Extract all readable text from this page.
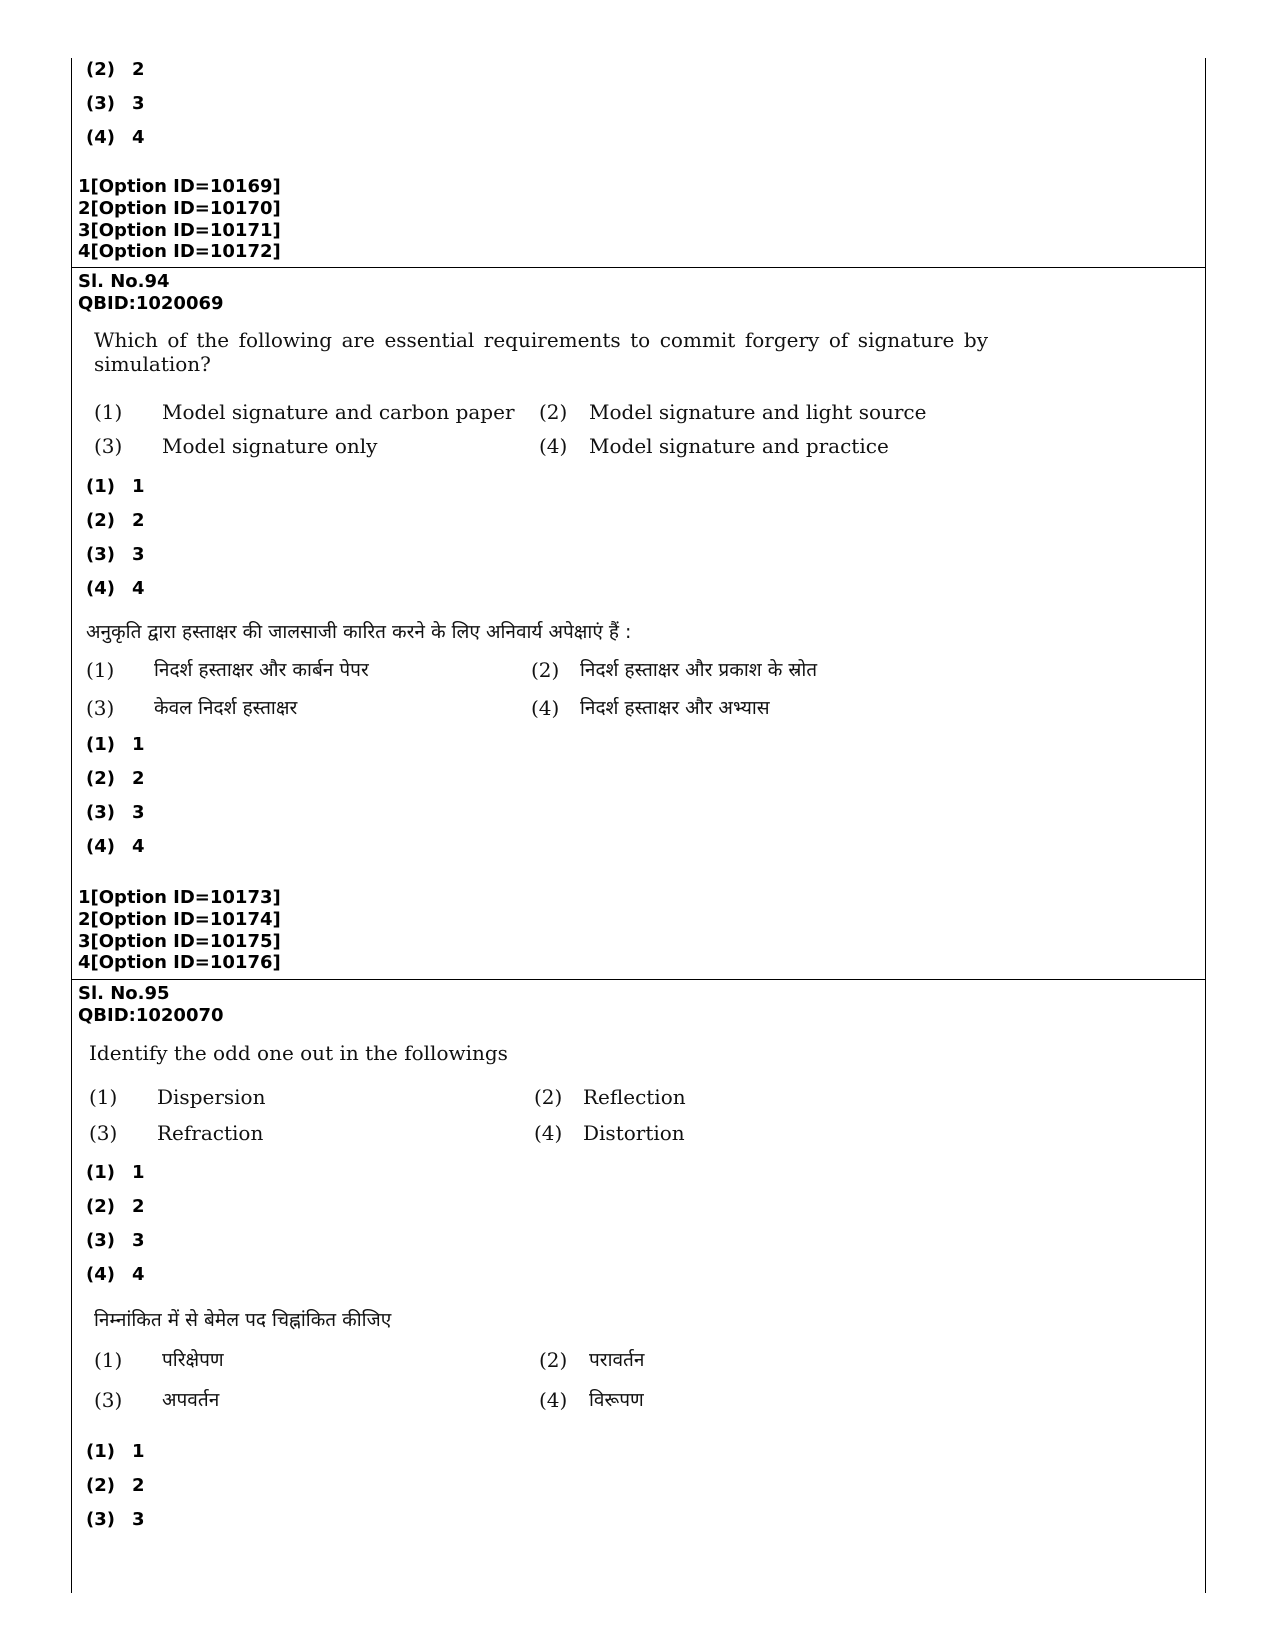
(2) 2
(3) 3
(4) 4
1[Option ID=10169]
2[Option ID=10170]
3[Option ID=10171]
4[Option ID=10172]
Sl. No.94
QBID:1020069
Which of the following are essential requirements to commit forgery of signature by simulation?
(1) Model signature and carbon paper (2) Model signature and light source
(3) Model signature only	(4) Model signature and practice
(1) 1
(2) 2
(3) 3
(4) 4
अनुकृति द्वारा हस्ताक्षर की जालसाजी कारित करने के लिए अनिवार्य अपेक्षाएं हैं :
(1) निदर्श हस्ताक्षर और कार्बन पेपर	(2) निदर्श हस्ताक्षर और प्रकाश के स्रोत
(3) केवल निदर्श हस्ताक्षर	(4) निदर्श हस्ताक्षर और अभ्यास
(1) 1
(2) 2
(3) 3
(4) 4
1[Option ID=10173]
2[Option ID=10174]
3[Option ID=10175]
4[Option ID=10176]
Sl. No.95
QBID:1020070
Identify the odd one out in the followings
(1) Dispersion	(2) Reflection
(3) Refraction	(4) Distortion
(1) 1
(2) 2
(3) 3
(4) 4
निम्नांकित में से बेमेल पद चिह्नांकित कीजिए
(1) परिक्षेपण	(2) परावर्तन
(3) अपवर्तन	(4) विरूपण
(1) 1
(2) 2
(3) 3
